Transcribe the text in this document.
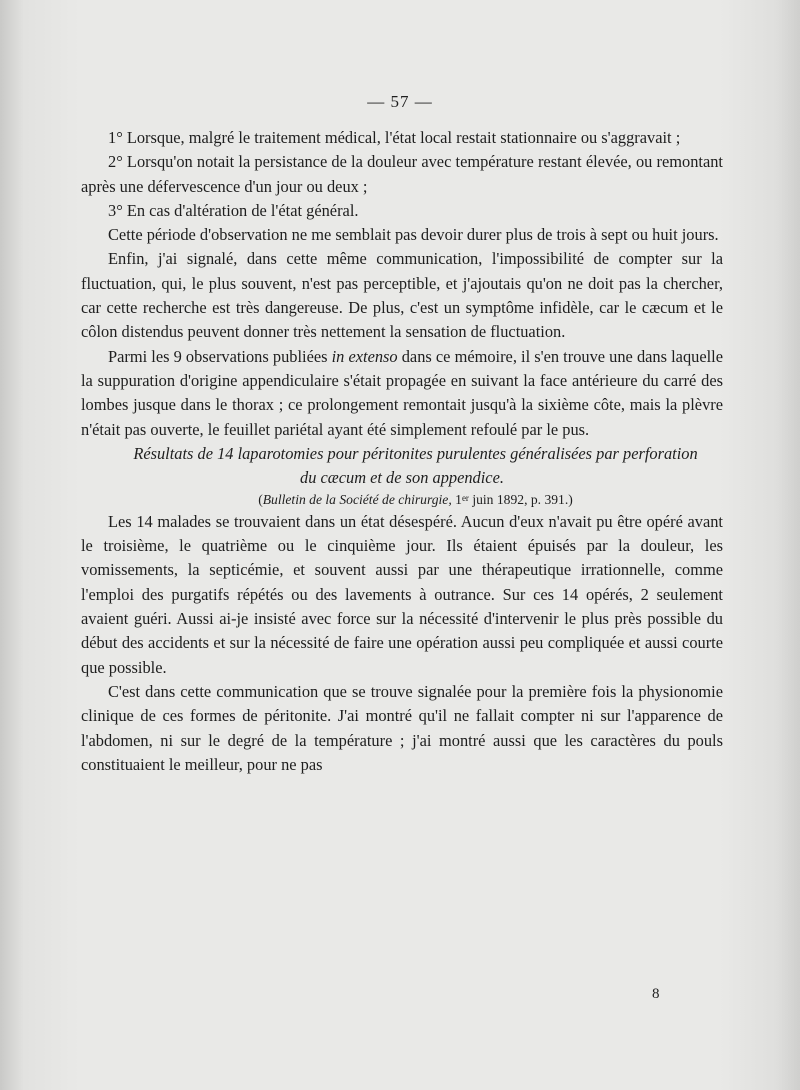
— 57 —

1° Lorsque, malgré le traitement médical, l'état local restait stationnaire ou s'aggravait ;

2° Lorsqu'on notait la persistance de la douleur avec température restant élevée, ou remontant après une défervescence d'un jour ou deux ;

3° En cas d'altération de l'état général.

Cette période d'observation ne me semblait pas devoir durer plus de trois à sept ou huit jours.

Enfin, j'ai signalé, dans cette même communication, l'impossibilité de compter sur la fluctuation, qui, le plus souvent, n'est pas perceptible, et j'ajoutais qu'on ne doit pas la chercher, car cette recherche est très dangereuse. De plus, c'est un symptôme infidèle, car le cæcum et le côlon distendus peuvent donner très nettement la sensation de fluctuation.

Parmi les 9 observations publiées in extenso dans ce mémoire, il s'en trouve une dans laquelle la suppuration d'origine appendiculaire s'était propagée en suivant la face antérieure du carré des lombes jusque dans le thorax ; ce prolongement remontait jusqu'à la sixième côte, mais la plèvre n'était pas ouverte, le feuillet pariétal ayant été simplement refoulé par le pus.

Résultats de 14 laparotomies pour péritonites purulentes généralisées par perforation
du cæcum et de son appendice.

(Bulletin de la Société de chirurgie, 1er juin 1892, p. 391.)

Les 14 malades se trouvaient dans un état désespéré. Aucun d'eux n'avait pu être opéré avant le troisième, le quatrième ou le cinquième jour. Ils étaient épuisés par la douleur, les vomissements, la septicémie, et souvent aussi par une thérapeutique irrationnelle, comme l'emploi des purgatifs répétés ou des lavements à outrance. Sur ces 14 opérés, 2 seulement avaient guéri. Aussi ai-je insisté avec force sur la nécessité d'intervenir le plus près possible du début des accidents et sur la nécessité de faire une opération aussi peu compliquée et aussi courte que possible.

C'est dans cette communication que se trouve signalée pour la première fois la physionomie clinique de ces formes de péritonite. J'ai montré qu'il ne fallait compter ni sur l'apparence de l'abdomen, ni sur le degré de la température ; j'ai montré aussi que les caractères du pouls constituaient le meilleur, pour ne pas

8
